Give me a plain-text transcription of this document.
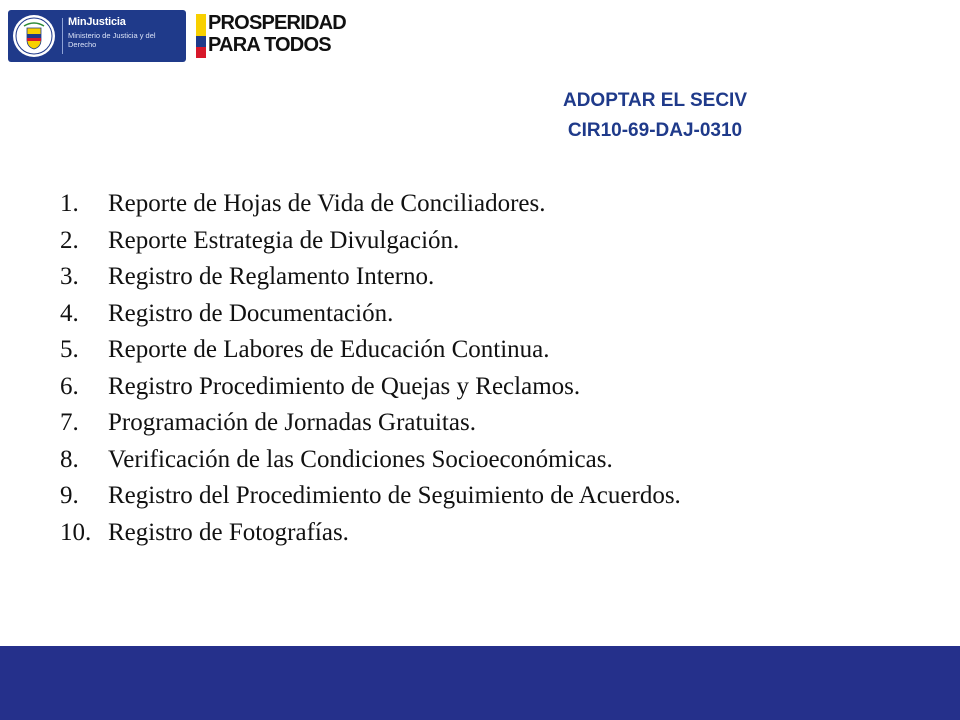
MinJusticia
Ministerio de Justicia y del Derecho
PROSPERIDAD
PARA TODOS
ADOPTAR EL SECIV
CIR10-69-DAJ-0310
1. Reporte de Hojas de Vida de Conciliadores.
2. Reporte Estrategia de Divulgación.
3. Registro de Reglamento Interno.
4. Registro de Documentación.
5. Reporte de Labores de Educación Continua.
6. Registro Procedimiento de Quejas y Reclamos.
7. Programación de Jornadas Gratuitas.
8. Verificación de las Condiciones Socioeconómicas.
9. Registro del Procedimiento de Seguimiento de Acuerdos.
10. Registro de Fotografías.
